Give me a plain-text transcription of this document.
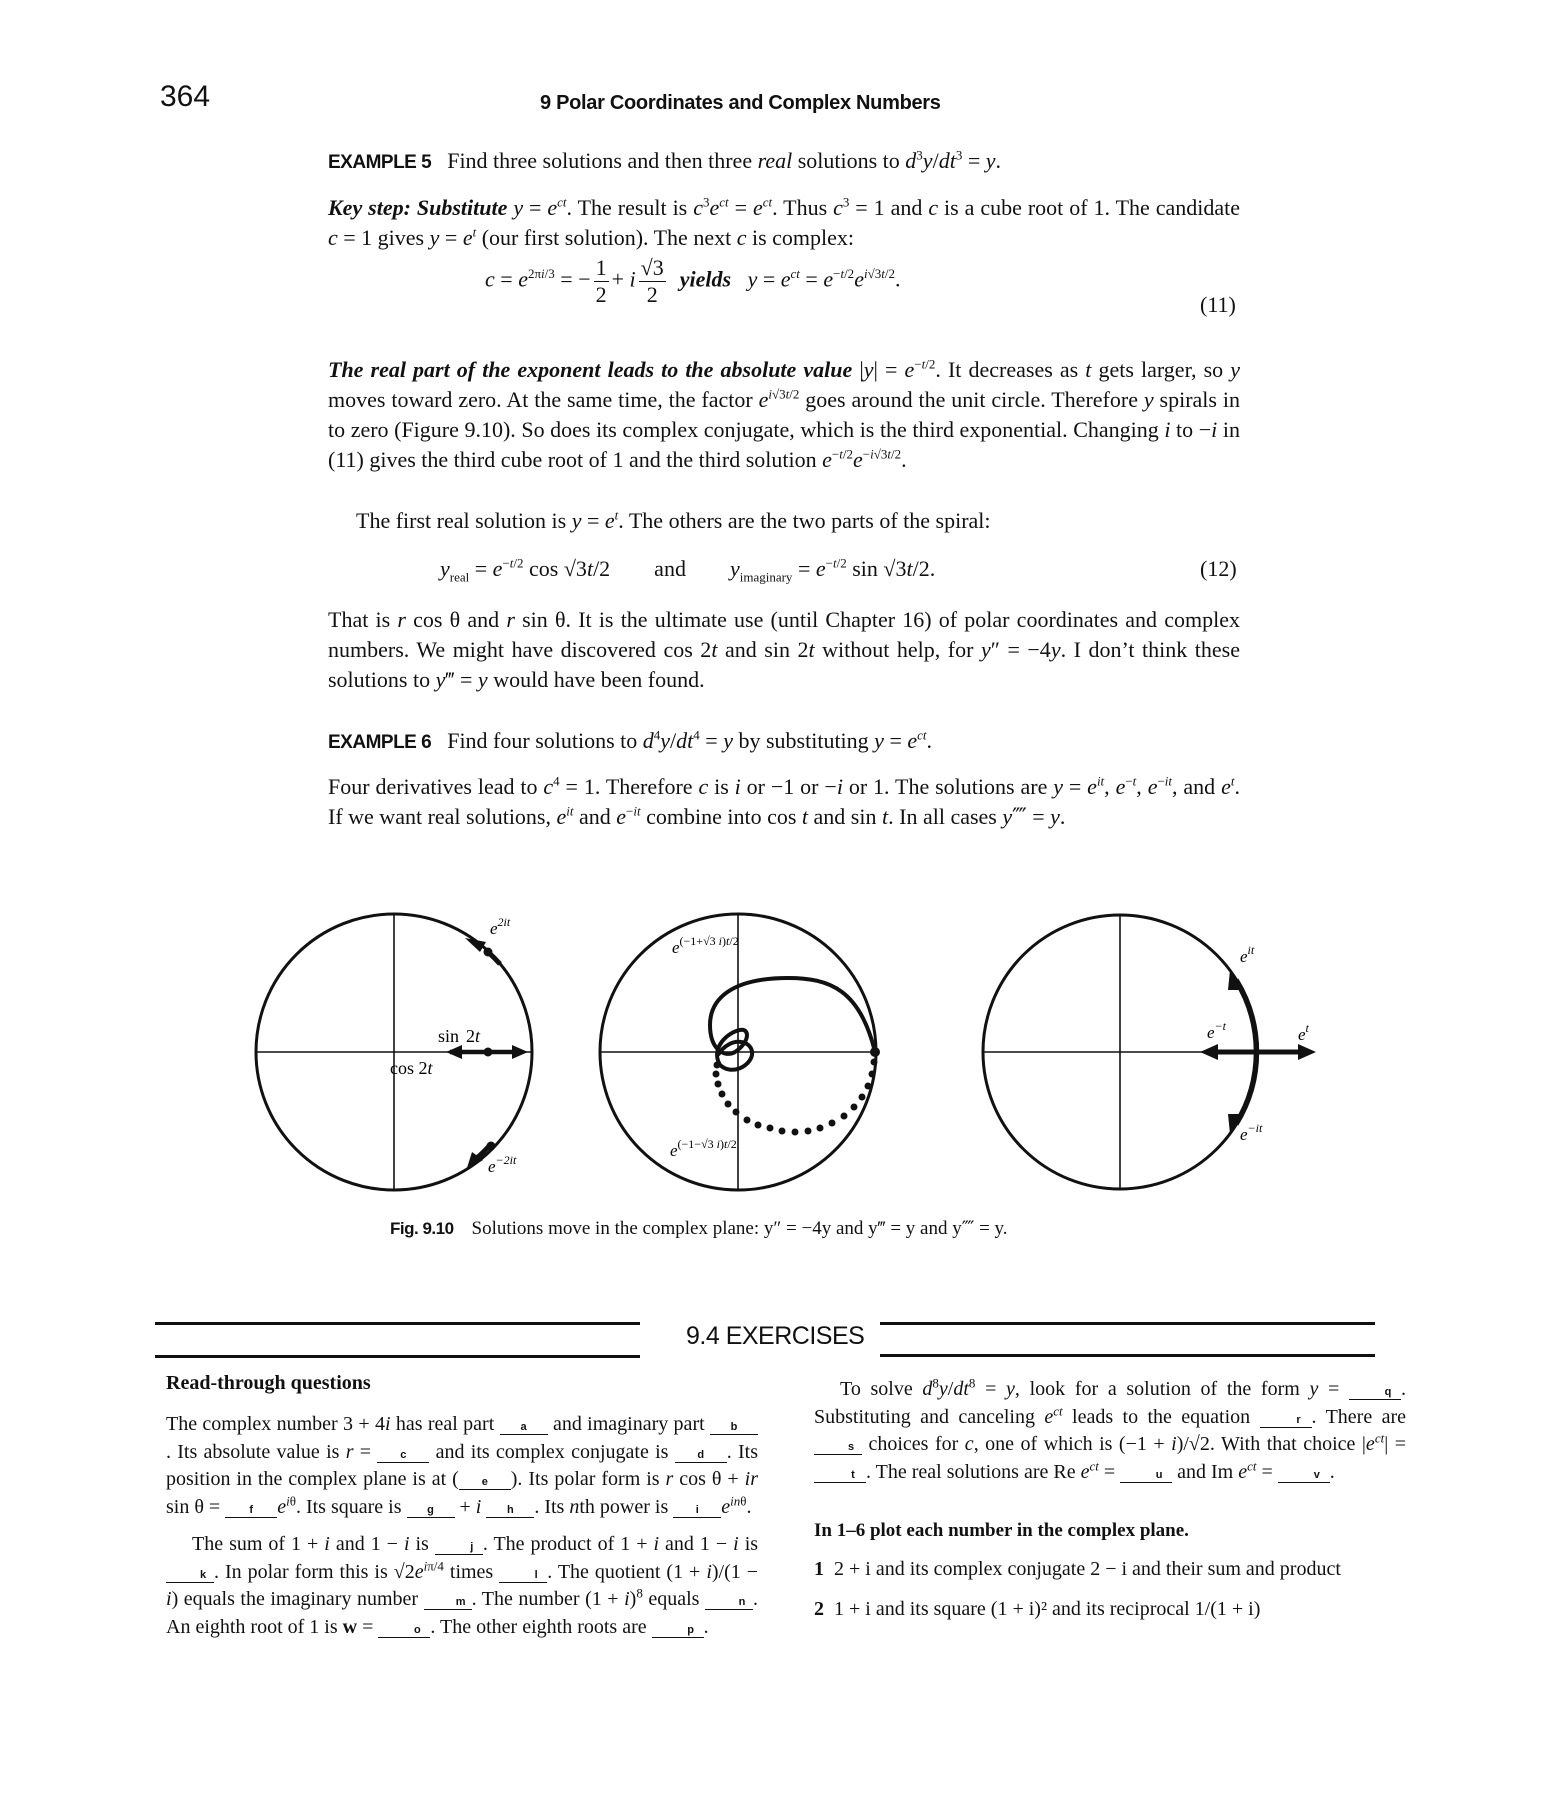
364	9 Polar Coordinates and Complex Numbers
EXAMPLE 5 Find three solutions and then three real solutions to $d^3y/dt^3 = y$.
Key step: Substitute $y = e^{ct}$. The result is $c^3e^{ct} = e^{ct}$. Thus $c^3 = 1$ and c is a cube root of 1. The candidate c = 1 gives $y = e^t$ (our first solution). The next c is complex:
$c = e^{2\pi i/3}$ = − $\frac{1}{2} + i \frac{√3}{2}$ yields $y = e^{ct} = e^{-t/2}e^{i√3t/2}$.
(11)
The real part of the exponent leads to the absolute value $|y| = e^{-t/2}$. It decreases as t gets larger, so y moves toward zero. At the same time, the factor $e^{i√3t/2}$ goes around the unit circle. Therefore y spirals in to zero (Figure 9.10). So does its complex conjugate, which is the third exponential. Changing i to −i in (11) gives the third cube root of 1 and the third solution $e^{-t/2}e^{-i√3t/2}$.
The first real solution is $y = e^t$. The others are the two parts of the spiral:
$y_{real} = e^{-t/2}$ cos √3t/2        and        $y_{imaginary} = e^{-t/2}$ sin √3t/2.	(12)
That is r cos θ and r sin θ. It is the ultimate use (until Chapter 16) of polar coordinates and complex numbers. We might have discovered cos 2t and sin 2t without help, for y″ = −4y. I don’t think these solutions to y‴ = y would have been found.
EXAMPLE 6 Find four solutions to $d^4y/dt^4 = y$ by substituting $y = e^{ct}$.
Four derivatives lead to $c^4 = 1$. Therefore c is i or −1 or −i or 1. The solutions are $y = e^{it}$, $e^{-t}$, $e^{-it}$, and $e^t$. If we want real solutions, $e^{it}$ and $e^{-it}$ combine into cos t and sin t. In all cases y⁗ = y.
$e^{2it}$
sin 2t
cos 2t
$e^{-2it}$
$e^{(-1+√3}$ i)t/2
$e^{(-1-√3}$ i)t/2
$e^{it}$
$e^{-t}$	$e^t$
$e^{-it}$
Fig. 9.10 Solutions move in the complex plane: y″ = −4y and y‴ = y and y⁗ = y.
9.4 EXERCISES
Read-through questions
The complex number 3 + 4i has real part a and imaginary part b. Its absolute value is r = c and its complex conjugate is d . Its position in the complex plane is at ( e ). Its polar form is r cos θ + ir sin θ = f $e^{i\theta}$. Its square is g + i h . Its nth power is i $e^{in\theta}$.
The sum of 1 + i and 1 − i is	j . The product of 1 + i and 1 − i is k . In polar form this is $√2e^{i\pi/4}$ times	l . The quotient (1 + i)/(1 − i) equals the imaginary number	m . The number $(1 + i)^8$ equals	n . An eighth root of 1 is w =	o . The other eighth roots are	p .
To solve $d^8y/dt^8 = y$, look for a solution of the form y =	q . Substituting and canceling $e^{ct}$ leads to the equation	r . There are s choices for c, one of which is (−1 + i)/√2. With that choice $|e^{ct}| = t$ . The real solutions are Re $e^{ct}$ =	u and Im $e^{ct}$ =	v .
In 1–6 plot each number in the complex plane.
1 2 + i and its complex conjugate 2 − i and their sum and product
2 1 + i and its square (1 + i)² and its reciprocal 1/(1 + i)
